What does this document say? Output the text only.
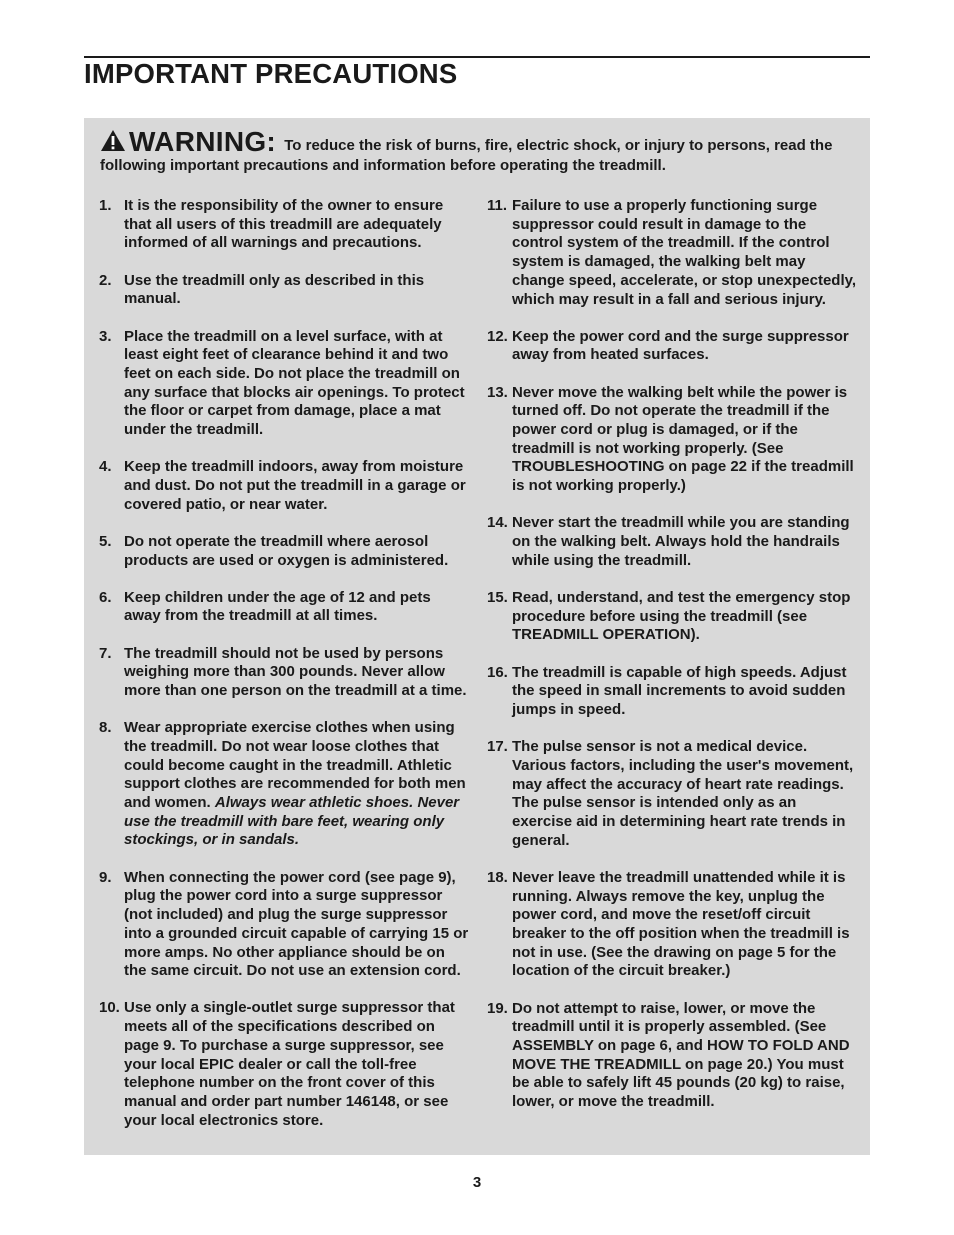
IMPORTANT PRECAUTIONS
WARNING: To reduce the risk of burns, fire, electric shock, or injury to persons, read the following important precautions and information before operating the treadmill.
1. It is the responsibility of the owner to ensure that all users of this treadmill are adequately informed of all warnings and precautions.
2. Use the treadmill only as described in this manual.
3. Place the treadmill on a level surface, with at least eight feet of clearance behind it and two feet on each side. Do not place the treadmill on any surface that blocks air openings. To protect the floor or carpet from damage, place a mat under the treadmill.
4. Keep the treadmill indoors, away from moisture and dust. Do not put the treadmill in a garage or covered patio, or near water.
5. Do not operate the treadmill where aerosol products are used or oxygen is administered.
6. Keep children under the age of 12 and pets away from the treadmill at all times.
7. The treadmill should not be used by persons weighing more than 300 pounds. Never allow more than one person on the treadmill at a time.
8. Wear appropriate exercise clothes when using the treadmill. Do not wear loose clothes that could become caught in the treadmill. Athletic support clothes are recommended for both men and women. Always wear athletic shoes. Never use the treadmill with bare feet, wearing only stockings, or in sandals.
9. When connecting the power cord (see page 9), plug the power cord into a surge suppressor (not included) and plug the surge suppressor into a grounded circuit capable of carrying 15 or more amps. No other appliance should be on the same circuit. Do not use an extension cord.
10. Use only a single-outlet surge suppressor that meets all of the specifications described on page 9. To purchase a surge suppressor, see your local EPIC dealer or call the toll-free telephone number on the front cover of this manual and order part number 146148, or see your local electronics store.
11. Failure to use a properly functioning surge suppressor could result in damage to the control system of the treadmill. If the control system is damaged, the walking belt may change speed, accelerate, or stop unexpectedly, which may result in a fall and serious injury.
12. Keep the power cord and the surge suppressor away from heated surfaces.
13. Never move the walking belt while the power is turned off. Do not operate the treadmill if the power cord or plug is damaged, or if the treadmill is not working properly. (See TROUBLESHOOTING on page 22 if the treadmill is not working properly.)
14. Never start the treadmill while you are standing on the walking belt. Always hold the handrails while using the treadmill.
15. Read, understand, and test the emergency stop procedure before using the treadmill (see TREADMILL OPERATION).
16. The treadmill is capable of high speeds. Adjust the speed in small increments to avoid sudden jumps in speed.
17. The pulse sensor is not a medical device. Various factors, including the user's movement, may affect the accuracy of heart rate readings. The pulse sensor is intended only as an exercise aid in determining heart rate trends in general.
18. Never leave the treadmill unattended while it is running. Always remove the key, unplug the power cord, and move the reset/off circuit breaker to the off position when the treadmill is not in use. (See the drawing on page 5 for the location of the circuit breaker.)
19. Do not attempt to raise, lower, or move the treadmill until it is properly assembled. (See ASSEMBLY on page 6, and HOW TO FOLD AND MOVE THE TREADMILL on page 20.) You must be able to safely lift 45 pounds (20 kg) to raise, lower, or move the treadmill.
3
